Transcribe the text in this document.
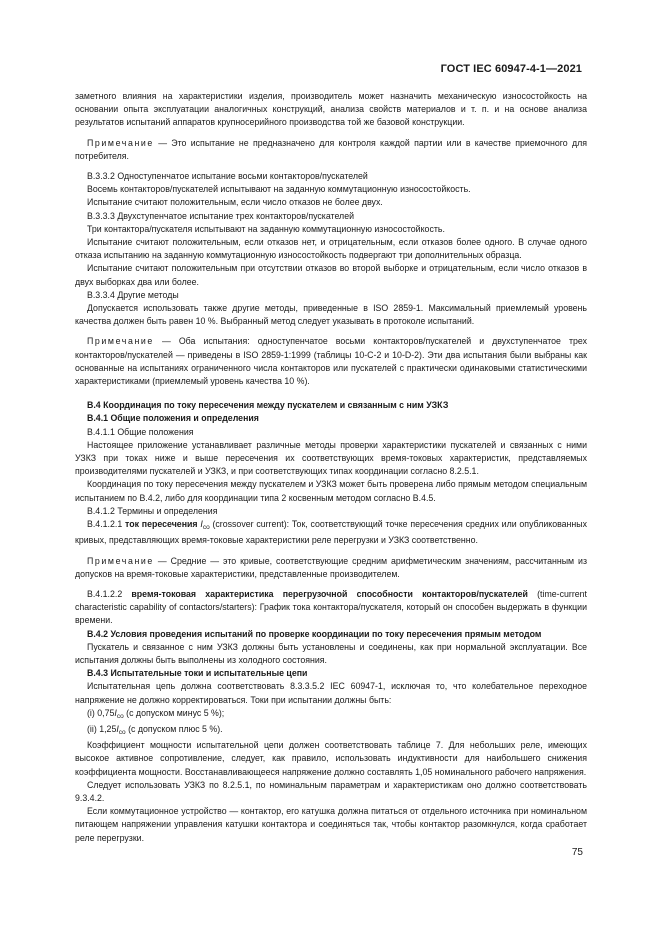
ГОСТ IEC 60947-4-1—2021

заметного влияния на характеристики изделия, производитель может назначить механическую износостойкость на основании опыта эксплуатации аналогичных конструкций, анализа свойств материалов и т. п. и на основе анализа результатов испытаний аппаратов крупносерийного производства той же базовой конструкции.

Примечание — Это испытание не предназначено для контроля каждой партии или в качестве приемочного для потребителя.

В.3.3.2 Одноступенчатое испытание восьми контакторов/пускателей

Восемь контакторов/пускателей испытывают на заданную коммутационную износостойкость.

Испытание считают положительным, если число отказов не более двух.

В.3.3.3 Двухступенчатое испытание трех контакторов/пускателей

Три контактора/пускателя испытывают на заданную коммутационную износостойкость.

Испытание считают положительным, если отказов нет, и отрицательным, если отказов более одного. В случае одного отказа испытанию на заданную коммутационную износостойкость подвергают три дополнительных образца.

Испытание считают положительным при отсутствии отказов во второй выборке и отрицательным, если число отказов в двух выборках два или более.

В.3.3.4 Другие методы

Допускается использовать также другие методы, приведенные в ISO 2859-1. Максимальный приемлемый уровень качества должен быть равен 10 %. Выбранный метод следует указывать в протоколе испытаний.

Примечание — Оба испытания: одноступенчатое восьми контакторов/пускателей и двухступенчатое трех контакторов/пускателей — приведены в ISO 2859-1:1999 (таблицы 10-С-2 и 10-D-2). Эти два испытания были выбраны как основанные на испытаниях ограниченного числа контакторов или пускателей с практически одинаковыми статистическими характеристиками (приемлемый уровень качества 10 %).

В.4 Координация по току пересечения между пускателем и связанным с ним УЗКЗ

В.4.1 Общие положения и определения

В.4.1.1 Общие положения

Настоящее приложение устанавливает различные методы проверки характеристики пускателей и связанных с ними УЗКЗ при токах ниже и выше пересечения их соответствующих время-токовых характеристик, представляемых производителями пускателей и УЗКЗ, и при соответствующих типах координации согласно 8.2.5.1.

Координация по току пересечения между пускателем и УЗКЗ может быть проверена либо прямым методом специальным испытанием по В.4.2, либо для координации типа 2 косвенным методом согласно В.4.5.

В.4.1.2 Термины и определения

В.4.1.2.1 ток пересечения $I_{co}$ (crossover current): Ток, соответствующий точке пересечения средних или опубликованных кривых, представляющих время-токовые характеристики реле перегрузки и УЗКЗ соответственно.

Примечание — Средние — это кривые, соответствующие средним арифметическим значениям, рассчитанным из допусков на время-токовые характеристики, представленные производителем.

В.4.1.2.2 время-токовая характеристика перегрузочной способности контакторов/пускателей (time-current characteristic capability of contactors/starters): График тока контактора/пускателя, который он способен выдержать в функции времени.

В.4.2 Условия проведения испытаний по проверке координации по току пересечения прямым методом

Пускатель и связанное с ним УЗКЗ должны быть установлены и соединены, как при нормальной эксплуатации. Все испытания должны быть выполнены из холодного состояния.

В.4.3 Испытательные токи и испытательные цепи

Испытательная цепь должна соответствовать 8.3.3.5.2 IEC 60947-1, исключая то, что колебательное переходное напряжение не должно корректироваться. Токи при испытании должны быть:

(i) $0,75I_{co}$ (с допуском минус 5 %);

(ii) $1,25I_{co}$ (с допуском плюс 5 %).

Коэффициент мощности испытательной цепи должен соответствовать таблице 7. Для небольших реле, имеющих высокое активное сопротивление, следует, как правило, использовать индуктивности для наибольшего снижения коэффициента мощности. Восстанавливающееся напряжение должно составлять 1,05 номинального рабочего напряжения.

Следует использовать УЗКЗ по 8.2.5.1, по номинальным параметрам и характеристикам оно должно соответствовать 9.3.4.2.

Если коммутационное устройство — контактор, его катушка должна питаться от отдельного источника при номинальном питающем напряжении управления катушки контактора и соединяться так, чтобы контактор разомкнулся, когда сработает реле перегрузки.

75
